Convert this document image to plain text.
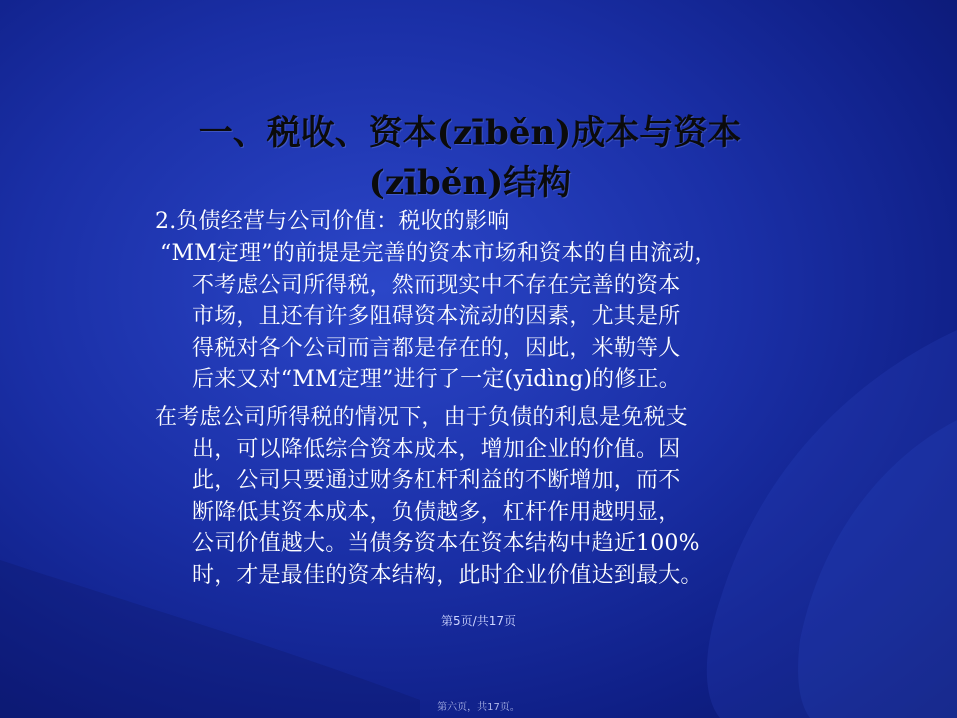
一、税收、资本(zīběn)成本与资本
(zīběn)结构
2.负债经营与公司价值：税收的影响
“MM定理”的前提是完善的资本市场和资本的自由流动，
不考虑公司所得税，然而现实中不存在完善的资本
市场，且还有许多阻碍资本流动的因素，尤其是所
得税对各个公司而言都是存在的，因此，米勒等人
后来又对“MM定理”进行了一定(yīdìng)的修正。
在考虑公司所得税的情况下，由于负债的利息是免税支
出，可以降低综合资本成本，增加企业的价值。因
此，公司只要通过财务杠杆利益的不断增加，而不
断降低其资本成本，负债越多，杠杆作用越明显，
公司价值越大。当债务资本在资本结构中趋近100%
时，才是最佳的资本结构，此时企业价值达到最大。
第5页/共17页
第六页，共17页。
